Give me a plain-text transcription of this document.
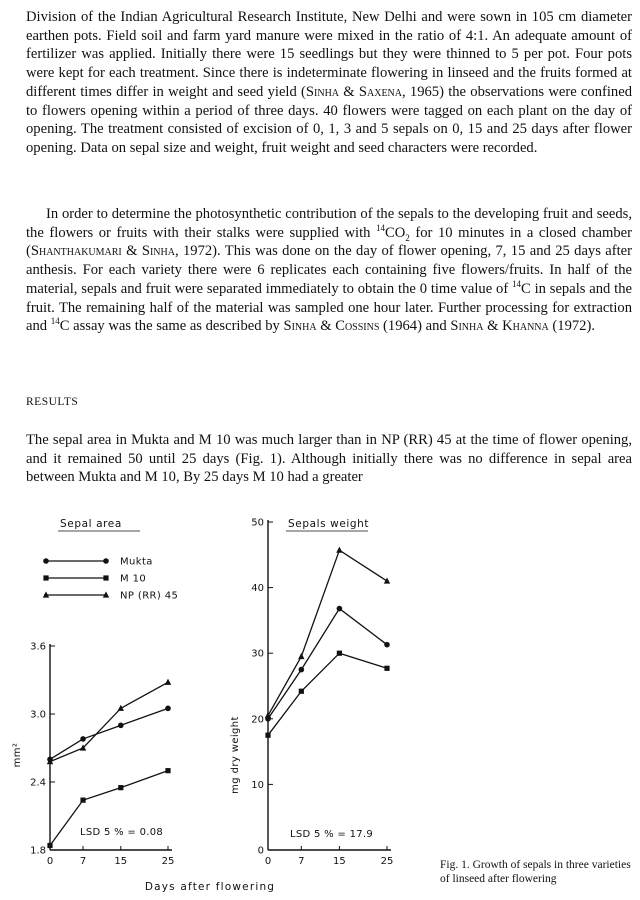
Division of the Indian Agricultural Research Institute, New Delhi and were sown in 105 cm diameter earthen pots. Field soil and farm yard manure were mixed in the ratio of 4:1. An adequate amount of fertilizer was applied. Initially there were 15 seedlings but they were thinned to 5 per pot. Four pots were kept for each treatment. Since there is indeterminate flowering in linseed and the fruits formed at different times differ in weight and seed yield (Sinha & Saxena, 1965) the observations were confined to flowers opening within a period of three days. 40 flowers were tagged on each plant on the day of opening. The treatment consisted of excision of 0, 1, 3 and 5 sepals on 0, 15 and 25 days after flower opening. Data on sepal size and weight, fruit weight and seed characters were recorded.

In order to determine the photosynthetic contribution of the sepals to the developing fruit and seeds, the flowers or fruits with their stalks were supplied with $^{14}CO_2$ for 10 minutes in a closed chamber (Shanthakumari & Sinha, 1972). This was done on the day of flower opening, 7, 15 and 25 days after anthesis. For each variety there were 6 replicates each containing five flowers/fruits. In half of the material, sepals and fruit were separated immediately to obtain the 0 time value of $^{14}$C in sepals and the fruit. The remaining half of the material was sampled one hour later. Further processing for extraction and $^{14}$C assay was the same as described by Sinha & Cossins (1964) and Sinha & Khanna (1972).

RESULTS

The sepal area in Mukta and M 10 was much larger than in NP (RR) 45 at the time of flower opening, and it remained 50 until 25 days (Fig. 1). Although initially there was no difference in sepal area between Mukta and M 10, By 25 days M 10 had a greater

1.8
2.4
3.0
3.6
0	7	15	25
Sepal area
mm²
LSD 5 % = 0.08
Mukta
M 10
NP (RR) 45
0
10
20
30
40
50
0	7	15	25
Sepals weight
mg dry weight
LSD 5 % = 17.9
Days after flowering

Fig. 1. Growth of sepals in three varieties of linseed after flowering
